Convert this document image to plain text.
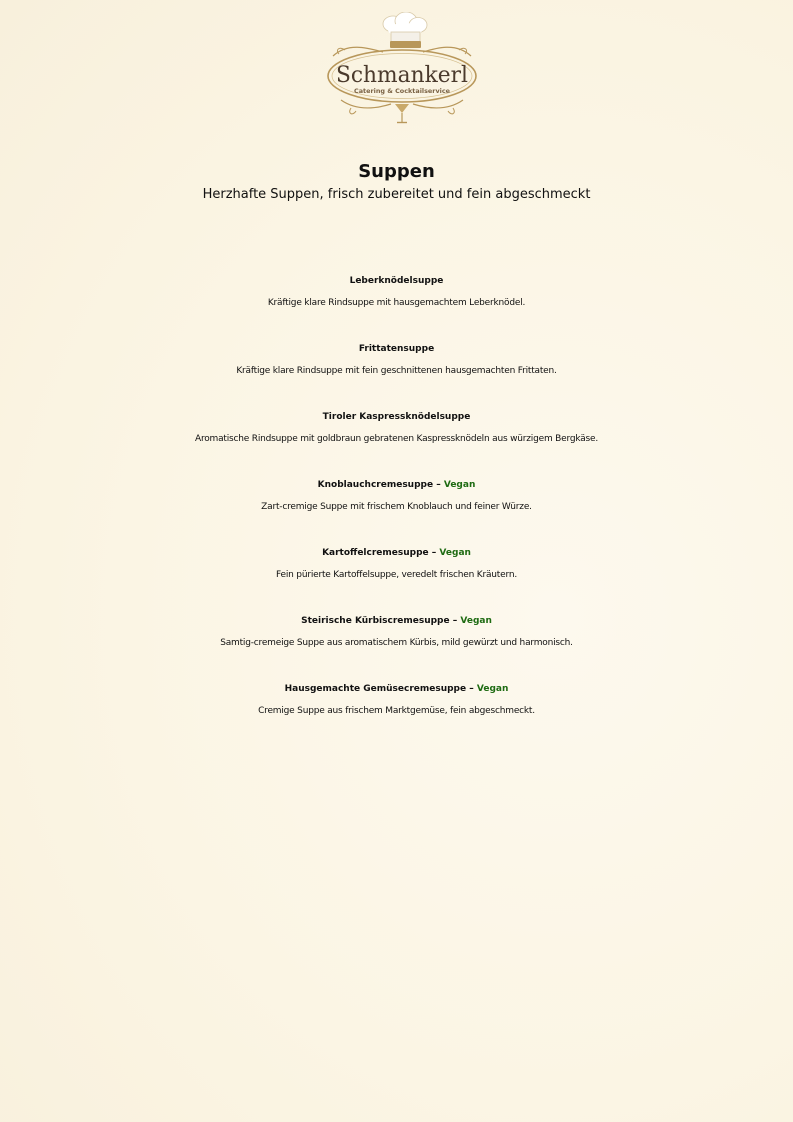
Schmankerl
Catering & Cocktailservice
Suppen

Herzhafte Suppen, frisch zubereitet und fein abgeschmeckt

Leberknödelsuppe
Kräftige klare Rindsuppe mit hausgemachtem Leberknödel.
Frittatensuppe
Kräftige klare Rindsuppe mit fein geschnittenen hausgemachten Frittaten.
Tiroler Kaspressknödelsuppe
Aromatische Rindsuppe mit goldbraun gebratenen Kaspressknödeln aus würzigem Bergkäse.
Knoblauchcremesuppe – Vegan
Zart-cremige Suppe mit frischem Knoblauch und feiner Würze.
Kartoffelcremesuppe – Vegan
Fein pürierte Kartoffelsuppe, veredelt frischen Kräutern.
Steirische Kürbiscremesuppe – Vegan
Samtig-cremeige Suppe aus aromatischem Kürbis, mild gewürzt und harmonisch.
Hausgemachte Gemüsecremesuppe – Vegan
Cremige Suppe aus frischem Marktgemüse, fein abgeschmeckt.
